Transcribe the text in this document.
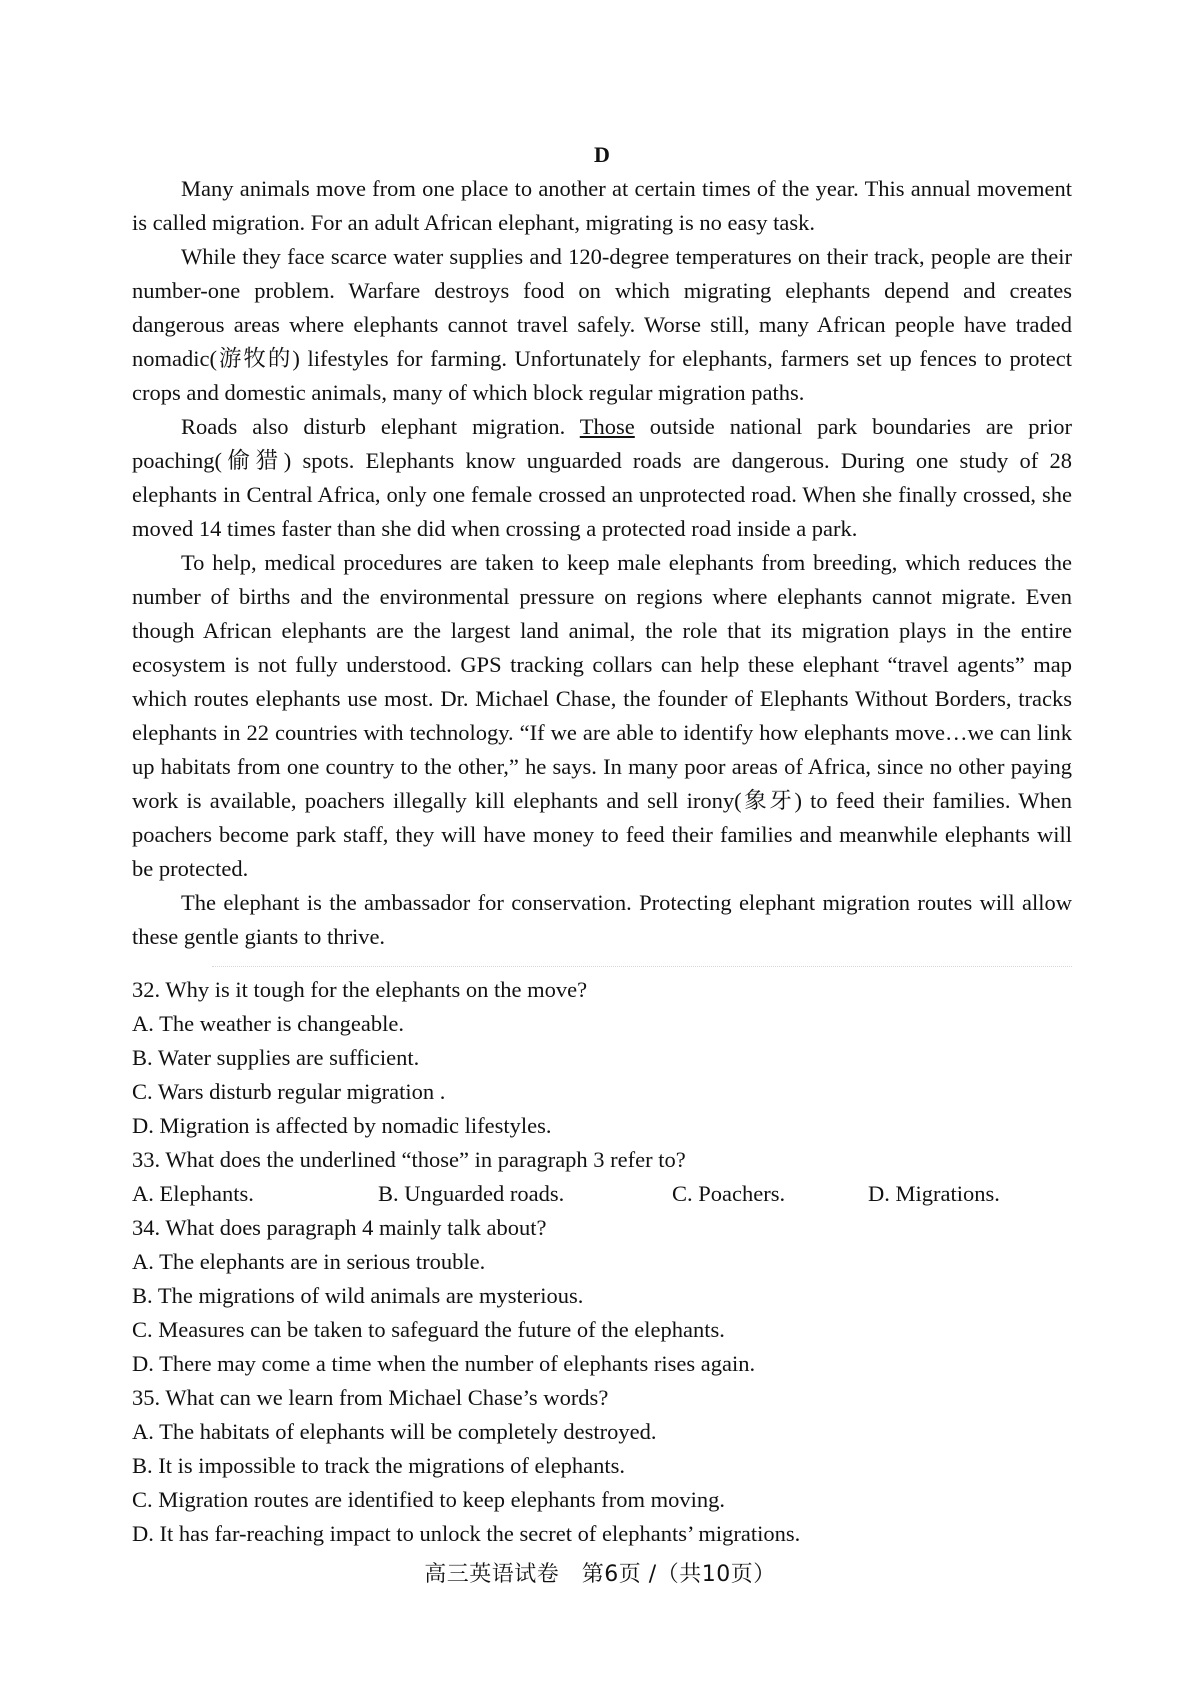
D

Many animals move from one place to another at certain times of the year. This annual movement is called migration. For an adult African elephant, migrating is no easy task.

While they face scarce water supplies and 120-degree temperatures on their track, people are their number-one problem. Warfare destroys food on which migrating elephants depend and creates dangerous areas where elephants cannot travel safely. Worse still, many African people have traded nomadic(游牧的) lifestyles for farming. Unfortunately for elephants, farmers set up fences to protect crops and domestic animals, many of which block regular migration paths.

Roads also disturb elephant migration. Those outside national park boundaries are prior poaching(偷猎) spots. Elephants know unguarded roads are dangerous. During one study of 28 elephants in Central Africa, only one female crossed an unprotected road. When she finally crossed, she moved 14 times faster than she did when crossing a protected road inside a park.

To help, medical procedures are taken to keep male elephants from breeding, which reduces the number of births and the environmental pressure on regions where elephants cannot migrate. Even though African elephants are the largest land animal, the role that its migration plays in the entire ecosystem is not fully understood. GPS tracking collars can help these elephant “travel agents” map which routes elephants use most. Dr. Michael Chase, the founder of Elephants Without Borders, tracks elephants in 22 countries with technology. “If we are able to identify how elephants move…we can link up habitats from one country to the other,” he says. In many poor areas of Africa, since no other paying work is available, poachers illegally kill elephants and sell irony(象牙) to feed their families. When poachers become park staff, they will have money to feed their families and meanwhile elephants will be protected.

The elephant is the ambassador for conservation. Protecting elephant migration routes will allow these gentle giants to thrive.

32. Why is it tough for the elephants on the move?

A. The weather is changeable.

B. Water supplies are sufficient.

C. Wars disturb regular migration .

D. Migration is affected by nomadic lifestyles.

33. What does the underlined “those” in paragraph 3 refer to?

A. Elephants.	B. Unguarded roads.	C. Poachers.	D. Migrations.

34. What does paragraph 4 mainly talk about?

A. The elephants are in serious trouble.

B. The migrations of wild animals are mysterious.

C. Measures can be taken to safeguard the future of the elephants.

D. There may come a time when the number of elephants rises again.

35. What can we learn from Michael Chase’s words?

A. The habitats of elephants will be completely destroyed.

B. It is impossible to track the migrations of elephants.

C. Migration routes are identified to keep elephants from moving.

D. It has far-reaching impact to unlock the secret of elephants’ migrations.

高三英语试卷　第6页 /（共10页）
